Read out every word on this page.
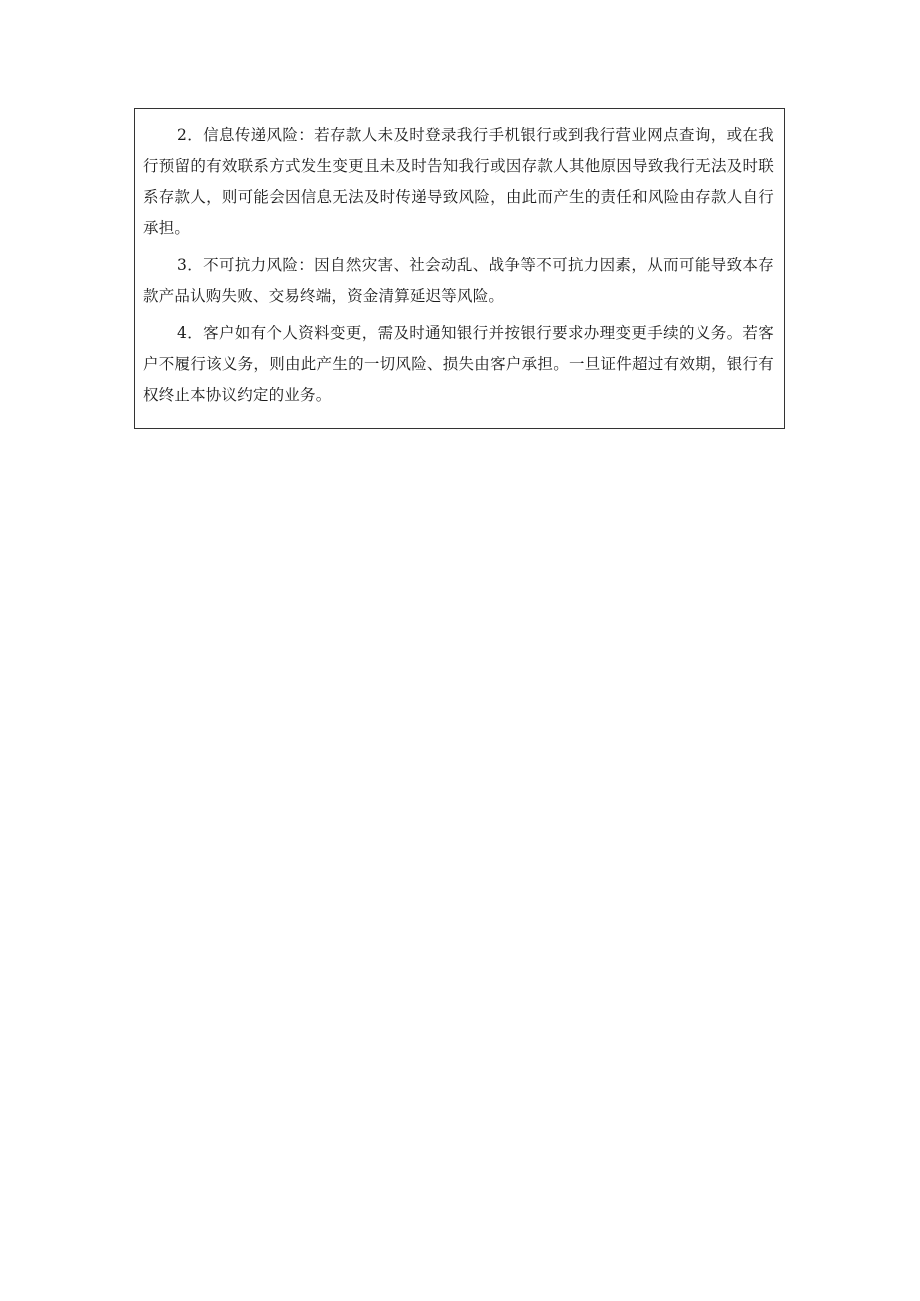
2．信息传递风险：若存款人未及时登录我行手机银行或到我行营业网点查询，或在我行预留的有效联系方式发生变更且未及时告知我行或因存款人其他原因导致我行无法及时联系存款人，则可能会因信息无法及时传递导致风险，由此而产生的责任和风险由存款人自行承担。

3．不可抗力风险：因自然灾害、社会动乱、战争等不可抗力因素，从而可能导致本存款产品认购失败、交易终端，资金清算延迟等风险。

4．客户如有个人资料变更，需及时通知银行并按银行要求办理变更手续的义务。若客户不履行该义务，则由此产生的一切风险、损失由客户承担。一旦证件超过有效期，银行有权终止本协议约定的业务。
